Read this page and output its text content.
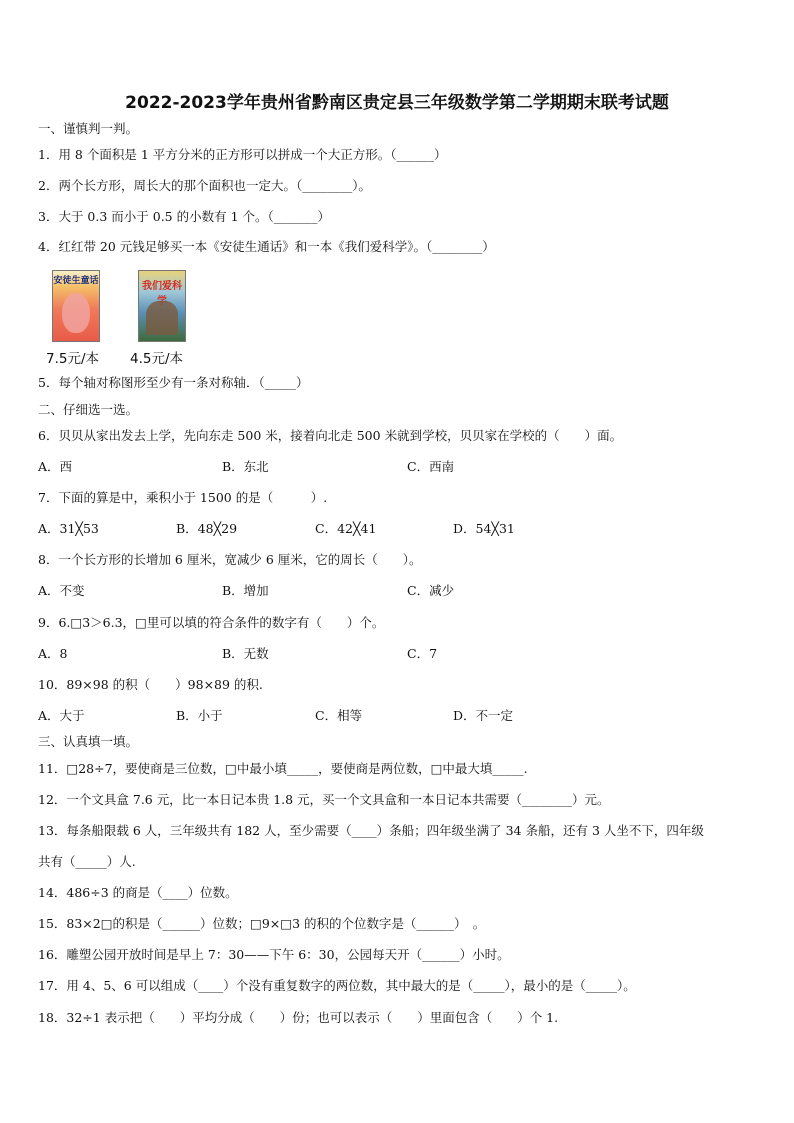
2022-2023学年贵州省黔南区贵定县三年级数学第二学期期末联考试题
一、谨慎判一判。
1．用 8 个面积是 1 平方分米的正方形可以拼成一个大正方形。（______）
2．两个长方形，周长大的那个面积也一定大。（________）。
3．大于 0.3 而小于 0.5 的小数有 1 个。（_______）
4．红红带 20 元钱足够买一本《安徒生通话》和一本《我们爱科学》。（________）
安徒生童话	我们爱科
7.5元/本 4.5元/本
5．每个轴对称图形至少有一条对称轴．（_____）
二、仔细选一选。
6．贝贝从家出发去上学，先向东走 500 米，接着向北走 500 米就到学校，贝贝家在学校的（　　）面。
A．西	B．东北	C．西南
7．下面的算是中，乘积小于 1500 的是（　　　）.
A．31╳53	B．48╳29	C．42╳41	D．54╳31
8．一个长方形的长增加 6 厘米，宽减少 6 厘米，它的周长（　　）。
A．不变	B．增加	C．减少
9．6.□3＞6.3，□里可以填的符合条件的数字有（　　）个。
A．8	B．无数	C．7
10．89×98 的积（　　）98×89 的积.
A．大于	B．小于	C．相等	D．不一定
三、认真填一填。
11．□28÷7，要使商是三位数，□中最小填_____，要使商是两位数，□中最大填_____.
12．一个文具盒 7.6 元，比一本日记本贵 1.8 元，买一个文具盒和一本日记本共需要（________）元。
13．每条船限载 6 人，三年级共有 182 人，至少需要（____）条船；四年级坐满了 34 条船，还有 3 人坐不下，四年级
共有（_____）人.
14．486÷3 的商是（____）位数。
15．83×2□的积是（______）位数；□9×□3 的积的个位数字是（______）　。
16．雕塑公园开放时间是早上 7：30——下午 6：30，公园每天开（______）小时。
17．用 4、5、6 可以组成（____）个没有重复数字的两位数，其中最大的是（_____），最小的是（_____）。
18．32÷1 表示把（　　）平均分成（　　）份；也可以表示（　　）里面包含（　　）个 1.
